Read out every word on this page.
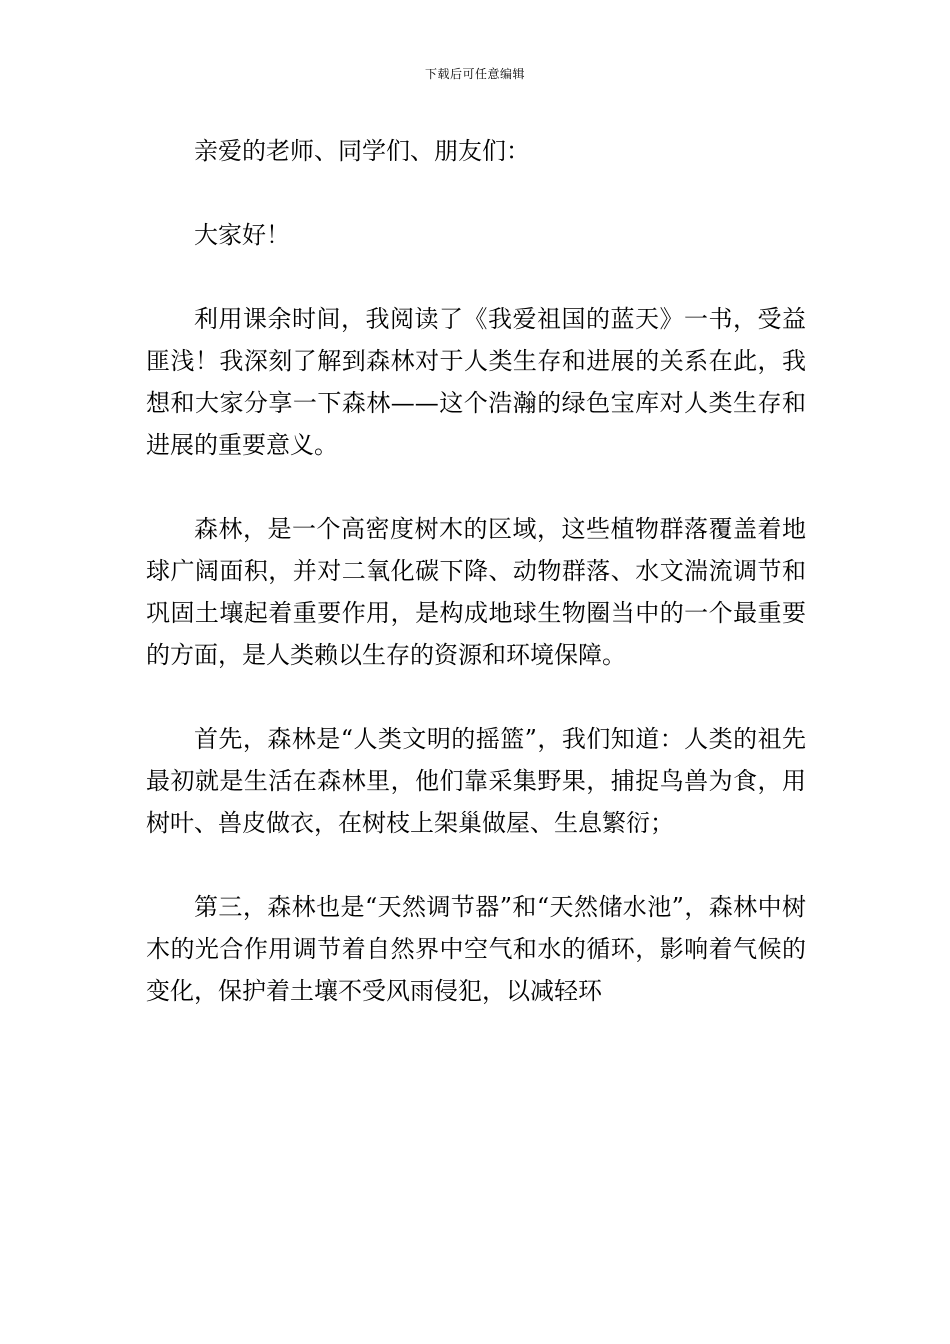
下载后可任意编辑

亲爱的老师、同学们、朋友们：

大家好！

利用课余时间，我阅读了《我爱祖国的蓝天》一书，受益匪浅！我深刻了解到森林对于人类生存和进展的关系在此，我想和大家分享一下森林——这个浩瀚的绿色宝库对人类生存和进展的重要意义。

森林，是一个高密度树木的区域，这些植物群落覆盖着地球广阔面积，并对二氧化碳下降、动物群落、水文湍流调节和巩固土壤起着重要作用，是构成地球生物圈当中的一个最重要的方面，是人类赖以生存的资源和环境保障。

首先，森林是“人类文明的摇篮”，我们知道：人类的祖先最初就是生活在森林里，他们靠采集野果，捕捉鸟兽为食，用树叶、兽皮做衣，在树枝上架巢做屋、生息繁衍；

第三，森林也是“天然调节器”和“天然储水池”，森林中树木的光合作用调节着自然界中空气和水的循环，影响着气候的变化，保护着土壤不受风雨侵犯，以减轻环
